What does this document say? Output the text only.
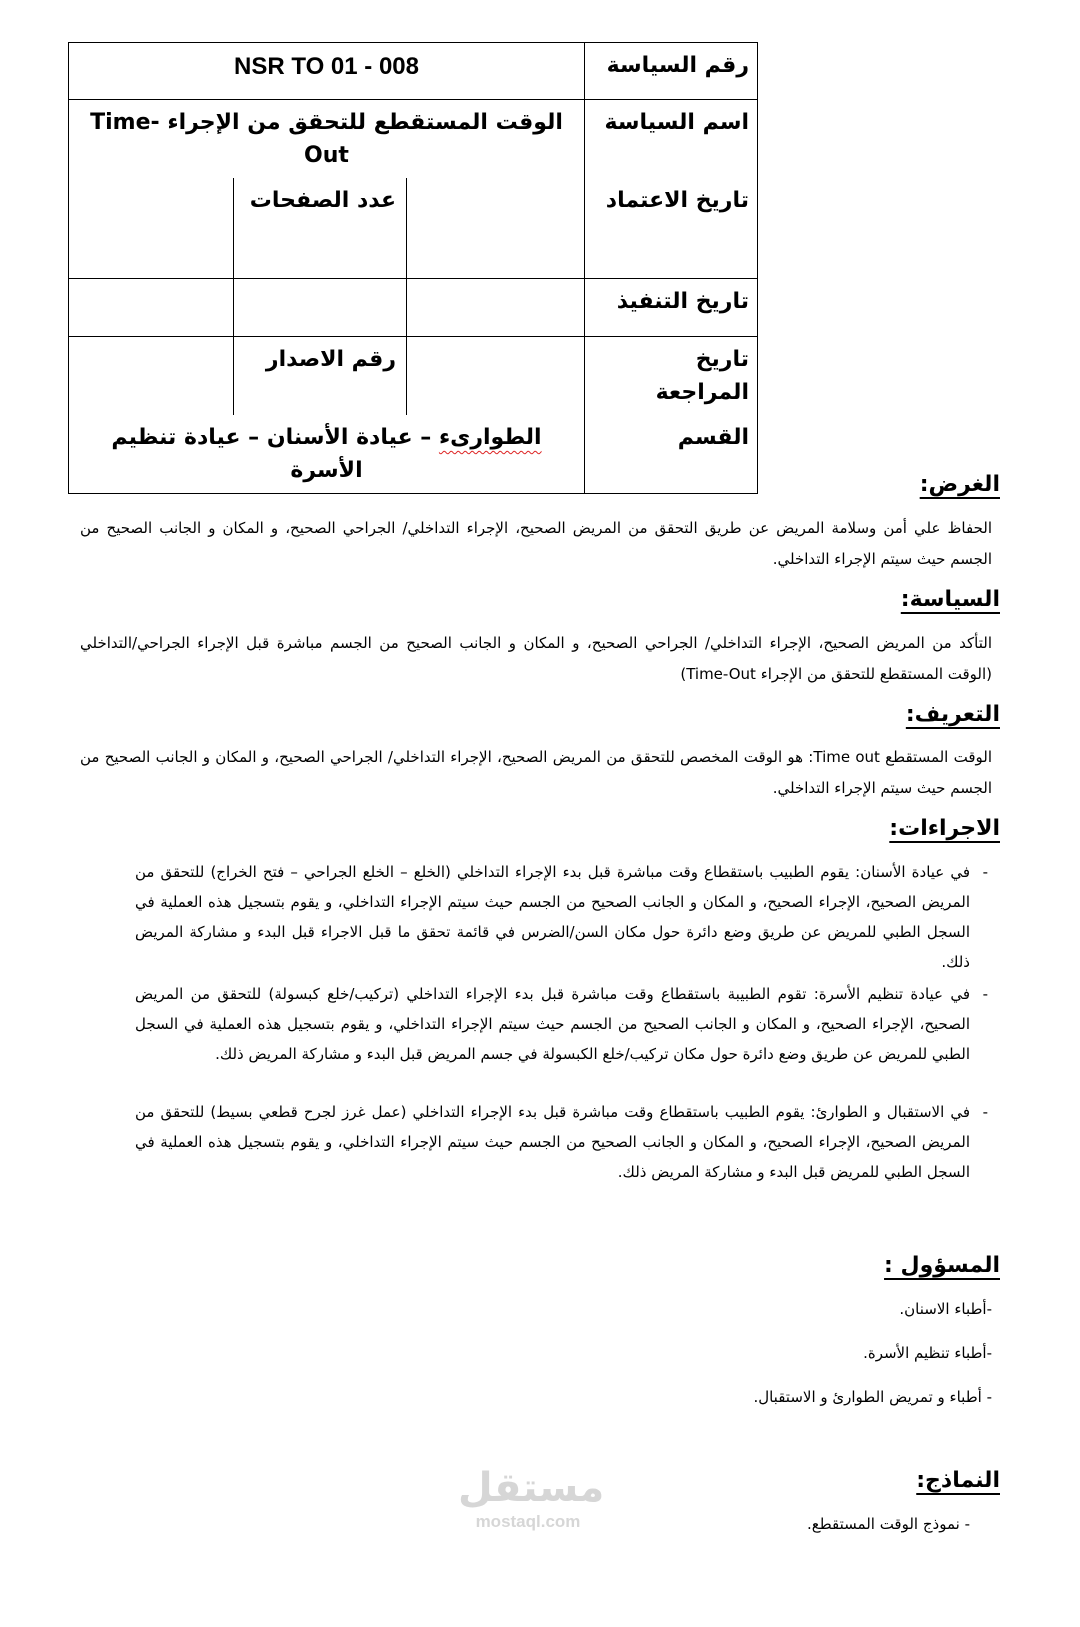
رقم السياسة	NSR TO 01 - 008		
اسم السياسة	الوقت المستقطع للتحقق من الإجراء Time-Out		
تاريخ الاعتماد		عدد الصفحات	
تاريخ التنفيذ			
تاريخ المراجعة		رقم الاصدار	
القسم	الطوارىء – عيادة الأسنان – عيادة تنظيم الأسرة		
الغرض:

الحفاظ علي أمن وسلامة المريض عن طريق التحقق من المريض الصحيح، الإجراء التداخلي/ الجراحي الصحيح، و المكان و الجانب الصحيح من الجسم حيث سيتم الإجراء التداخلي.

السياسة:

التأكد من المريض الصحيح، الإجراء التداخلي/ الجراحي الصحيح، و المكان و الجانب الصحيح من الجسم مباشرة قبل الإجراء الجراحي/التداخلي (الوقت المستقطع للتحقق من الإجراء Time-Out)

التعريف:

الوقت المستقطع Time out: هو الوقت المخصص للتحقق من المريض الصحيح، الإجراء التداخلي/ الجراحي الصحيح، و المكان و الجانب الصحيح من الجسم حيث سيتم الإجراء التداخلي.

الاجراءات:
- في عيادة الأسنان: يقوم الطبيب باستقطاع وقت مباشرة قبل بدء الإجراء التداخلي (الخلع – الخلع الجراحي – فتح الخراج) للتحقق من المريض الصحيح، الإجراء الصحيح، و المكان و الجانب الصحيح من الجسم حيث سيتم الإجراء التداخلي، و يقوم بتسجيل هذه العملية في السجل الطبي للمريض عن طريق وضع دائرة حول مكان السن/الضرس في قائمة تحقق ما قبل الاجراء قبل البدء و مشاركة المريض ذلك.
- في عيادة تنظيم الأسرة: تقوم الطبيبة باستقطاع وقت مباشرة قبل بدء الإجراء التداخلي (تركيب/خلع كبسولة) للتحقق من المريض الصحيح، الإجراء الصحيح، و المكان و الجانب الصحيح من الجسم حيث سيتم الإجراء التداخلي، و يقوم بتسجيل هذه العملية في السجل الطبي للمريض عن طريق وضع دائرة حول مكان تركيب/خلع الكبسولة في جسم المريض قبل البدء و مشاركة المريض ذلك.
- في الاستقبال و الطوارئ: يقوم الطبيب باستقطاع وقت مباشرة قبل بدء الإجراء التداخلي (عمل غرز لجرح قطعي بسيط) للتحقق من المريض الصحيح، الإجراء الصحيح، و المكان و الجانب الصحيح من الجسم حيث سيتم الإجراء التداخلي، و يقوم بتسجيل هذه العملية في السجل الطبي للمريض قبل البدء و مشاركة المريض ذلك.
المسؤول :

-أطباء الاسنان.

-أطباء تنظيم الأسرة.

- أطباء و تمريض الطوارئ و الاستقبال.

النماذج:

- نموذج الوقت المستقطع.

مستقل
mostaql.com
